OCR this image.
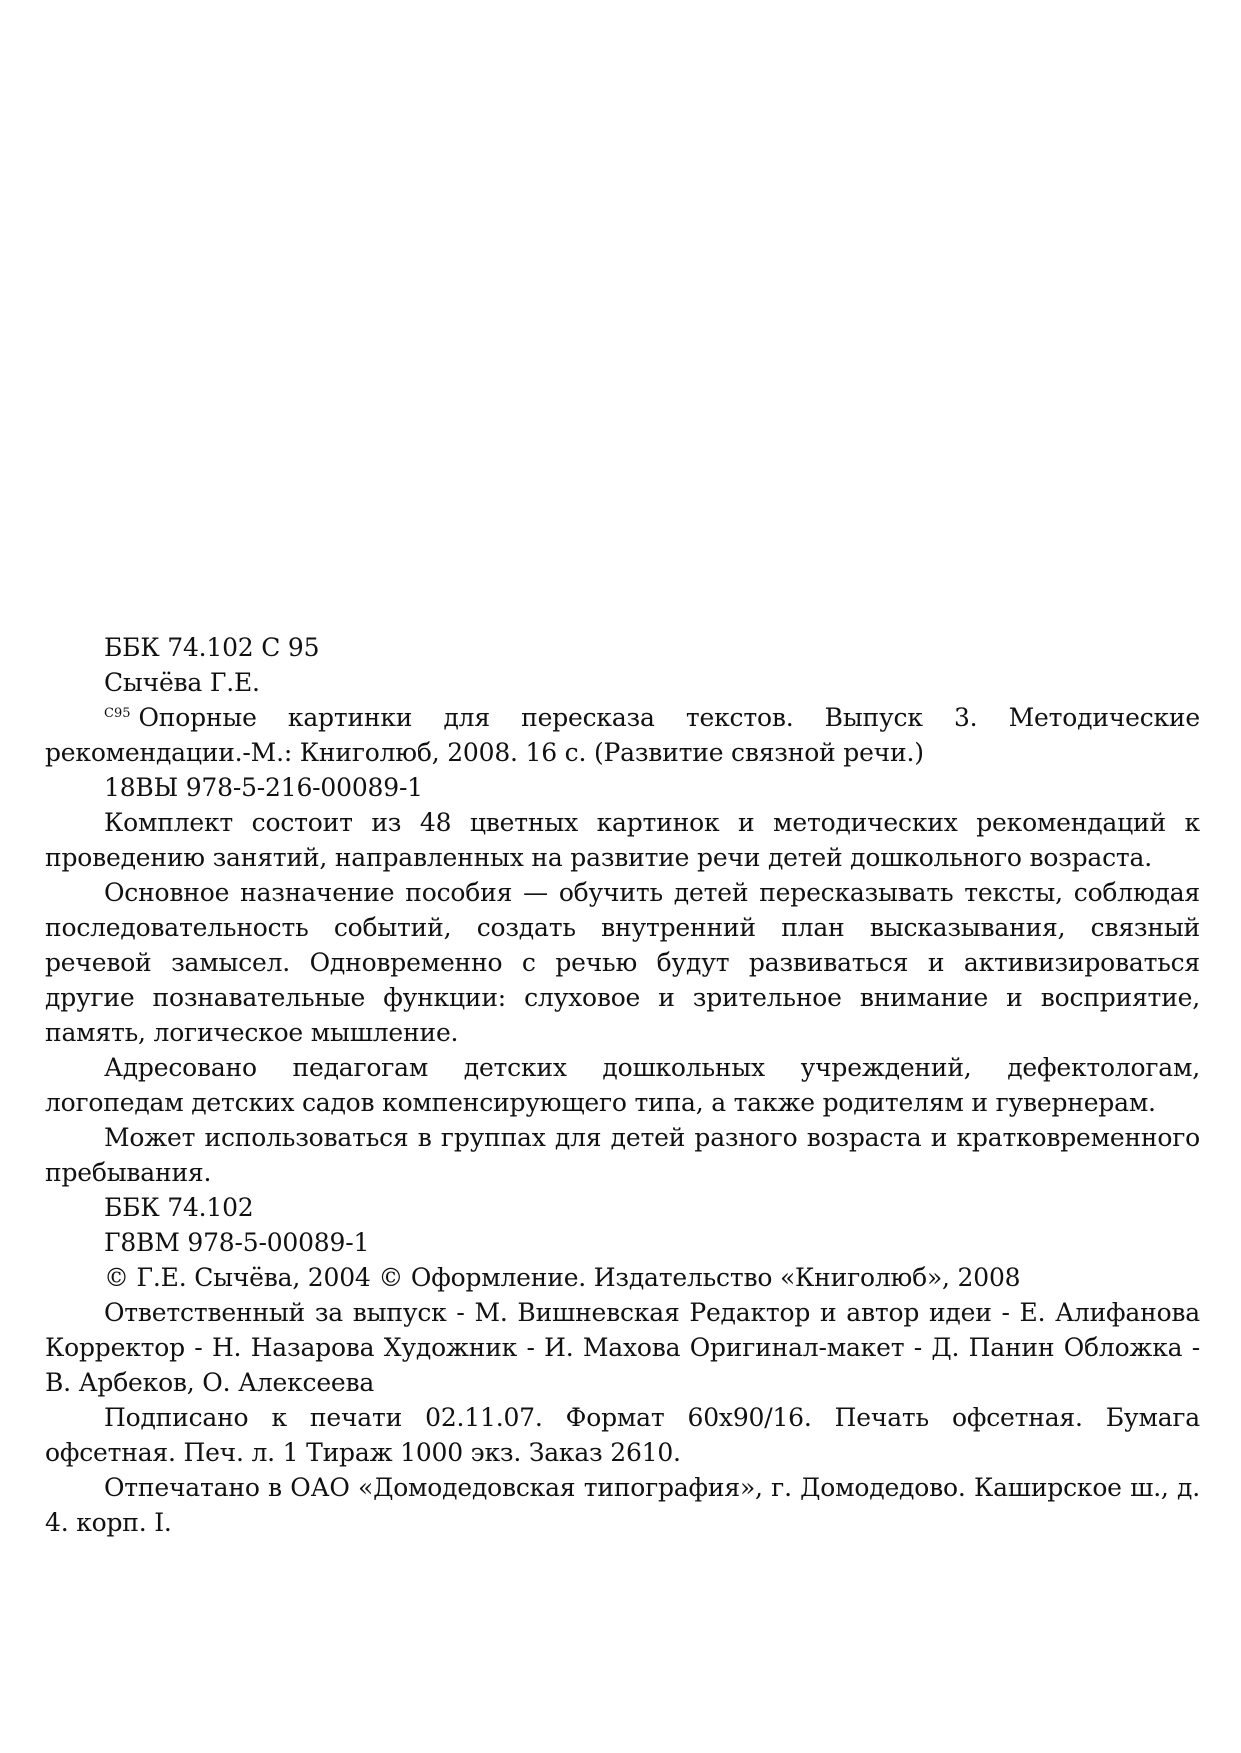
ББК 74.102 С 95

Сычёва Г.Е.

$^{С95}$ Опорные картинки для пересказа текстов. Выпуск 3. Методические рекомендации.-М.: Книголюб, 2008. 16 с. (Развитие связной речи.)

18ВЫ 978-5-216-00089-1

Комплект состоит из 48 цветных картинок и методических рекомендаций к проведению занятий, направленных на развитие речи детей дошкольного возраста.

Основное назначение пособия — обучить детей пересказывать тексты, соблюдая последовательность событий, создать внутренний план высказывания, связный речевой замысел. Одновременно с речью будут развиваться и активизироваться другие познавательные функции: слуховое и зрительное внимание и восприятие, память, логическое мышление.

Адресовано педагогам детских дошкольных учреждений, дефектологам, логопедам детских садов компенсирующего типа, а также родителям и гувернерам.

Может использоваться в группах для детей разного возраста и кратковременного пребывания.

ББК 74.102

Г8ВМ 978-5-00089-1

© Г.Е. Сычёва, 2004 © Оформление. Издательство «Книголюб», 2008

Ответственный за выпуск - М. Вишневская Редактор и автор идеи - Е. Алифанова Корректор - Н. Назарова Художник - И. Махова Оригинал-макет - Д. Панин Обложка - В. Арбеков, О. Алексеева

Подписано к печати 02.11.07. Формат 60х90/16. Печать офсетная. Бумага офсетная. Печ. л. 1 Тираж 1000 экз. Заказ 2610.

Отпечатано в ОАО «Домодедовская типография», г. Домодедово. Каширское ш., д. 4. корп. I.
